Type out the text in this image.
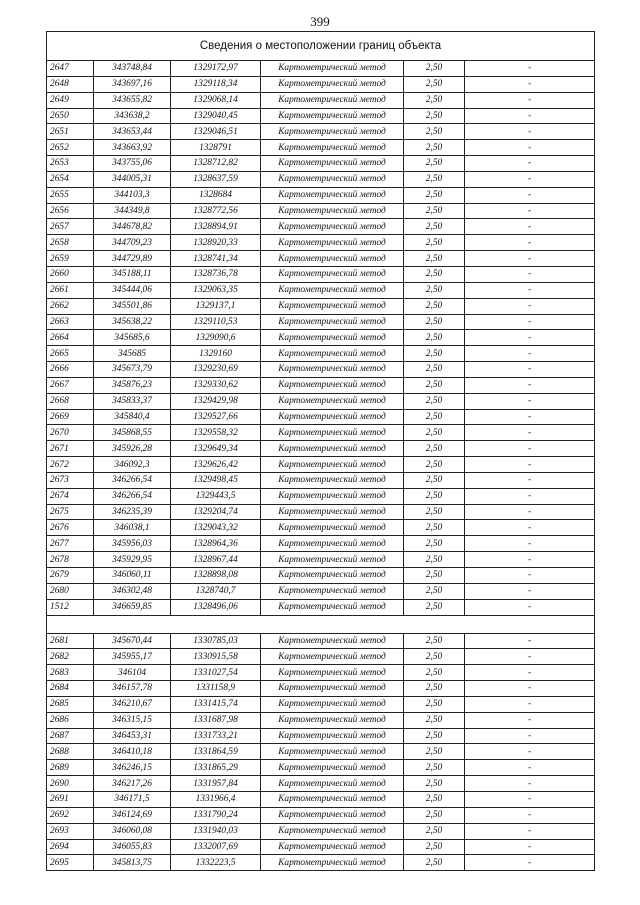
399
Сведения о местоположении границ объекта					
2647	343748,84	1329172,97	Картометрический метод	2,50	-
2648	343697,16	1329118,34	Картометрический метод	2,50	-
2649	343655,82	1329068,14	Картометрический метод	2,50	-
2650	343638,2	1329040,45	Картометрический метод	2,50	-
2651	343653,44	1329046,51	Картометрический метод	2,50	-
2652	343663,92	1328791	Картометрический метод	2,50	-
2653	343755,06	1328712,82	Картометрический метод	2,50	-
2654	344005,31	1328637,59	Картометрический метод	2,50	-
2655	344103,3	1328684	Картометрический метод	2,50	-
2656	344349,8	1328772,56	Картометрический метод	2,50	-
2657	344678,82	1328894,91	Картометрический метод	2,50	-
2658	344709,23	1328920,33	Картометрический метод	2,50	-
2659	344729,89	1328741,34	Картометрический метод	2,50	-
2660	345188,11	1328736,78	Картометрический метод	2,50	-
2661	345444,06	1329063,35	Картометрический метод	2,50	-
2662	345501,86	1329137,1	Картометрический метод	2,50	-
2663	345638,22	1329110,53	Картометрический метод	2,50	-
2664	345685,6	1329090,6	Картометрический метод	2,50	-
2665	345685	1329160	Картометрический метод	2,50	-
2666	345673,79	1329230,69	Картометрический метод	2,50	-
2667	345876,23	1329330,62	Картометрический метод	2,50	-
2668	345833,37	1329429,98	Картометрический метод	2,50	-
2669	345840,4	1329527,66	Картометрический метод	2,50	-
2670	345868,55	1329558,32	Картометрический метод	2,50	-
2671	345926,28	1329649,34	Картометрический метод	2,50	-
2672	346092,3	1329626,42	Картометрический метод	2,50	-
2673	346266,54	1329498,45	Картометрический метод	2,50	-
2674	346266,54	1329443,5	Картометрический метод	2,50	-
2675	346235,39	1329204,74	Картометрический метод	2,50	-
2676	346038,1	1329043,32	Картометрический метод	2,50	-
2677	345956,03	1328964,36	Картометрический метод	2,50	-
2678	345929,95	1328967,44	Картометрический метод	2,50	-
2679	346060,11	1328898,08	Картометрический метод	2,50	-
2680	346302,48	1328740,7	Картометрический метод	2,50	-
1512	346659,85	1328496,06	Картометрический метод	2,50	-

2681	345670,44	1330785,03	Картометрический метод	2,50	-
2682	345955,17	1330915,58	Картометрический метод	2,50	-
2683	346104	1331027,54	Картометрический метод	2,50	-
2684	346157,78	1331158,9	Картометрический метод	2,50	-
2685	346210,67	1331415,74	Картометрический метод	2,50	-
2686	346315,15	1331687,98	Картометрический метод	2,50	-
2687	346453,31	1331733,21	Картометрический метод	2,50	-
2688	346410,18	1331864,59	Картометрический метод	2,50	-
2689	346246,15	1331865,29	Картометрический метод	2,50	-
2690	346217,26	1331957,84	Картометрический метод	2,50	-
2691	346171,5	1331966,4	Картометрический метод	2,50	-
2692	346124,69	1331790,24	Картометрический метод	2,50	-
2693	346060,08	1331940,03	Картометрический метод	2,50	-
2694	346055,83	1332007,69	Картометрический метод	2,50	-
2695	345813,75	1332223,5	Картометрический метод	2,50	-
